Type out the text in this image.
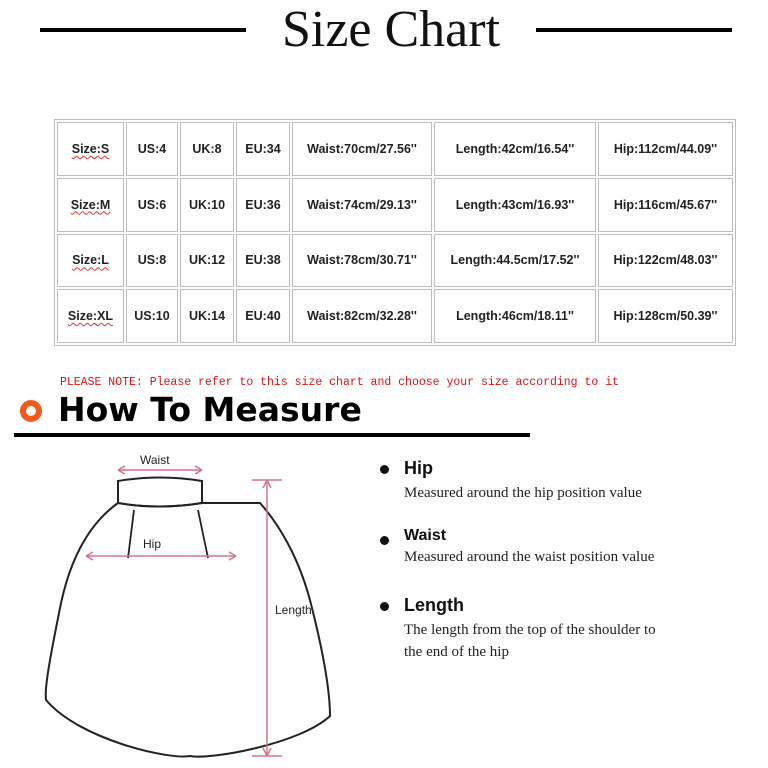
Size Chart
Size:S	US:4	UK:8	EU:34	Waist:70cm/27.56''	Length:42cm/16.54''	Hip:112cm/44.09''
Size:M	US:6	UK:10	EU:36	Waist:74cm/29.13''	Length:43cm/16.93''	Hip:116cm/45.67''
Size:L	US:8	UK:12	EU:38	Waist:78cm/30.71''	Length:44.5cm/17.52''	Hip:122cm/48.03''
Size:XL	US:10	UK:14	EU:40	Waist:82cm/32.28''	Length:46cm/18.11''	Hip:128cm/50.39''
PLEASE NOTE: Please refer to this size chart and choose your size according to it
How To Measure
Waist
Hip
Length
Hip
Measured around the hip position value
Waist
Measured around the waist position value
Length
The length from the top of the shoulder to
the end of the hip
